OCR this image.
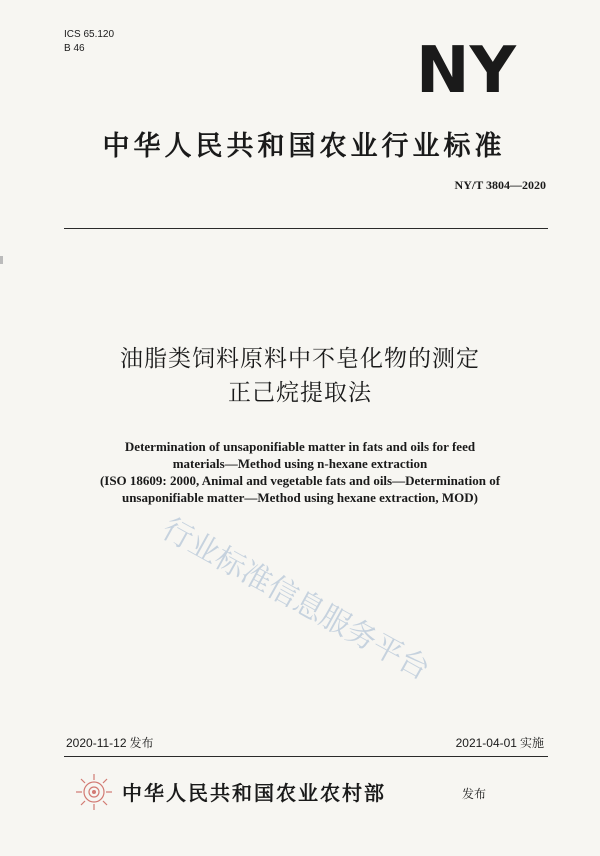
ICS 65.120
B 46	NY
中华人民共和国农业行业标准
NY/T 3804—2020
油脂类饲料原料中不皂化物的测定
正己烷提取法
Determination of unsaponifiable matter in fats and oils for feed
materials—Method using n-hexane extraction
(ISO 18609: 2000, Animal and vegetable fats and oils—Determination of
unsaponifiable matter—Method using hexane extraction, MOD)
行业标准信息服务平台
2020-11-12 发布	2021-04-01 实施
中华人民共和国农业农村部	发布
